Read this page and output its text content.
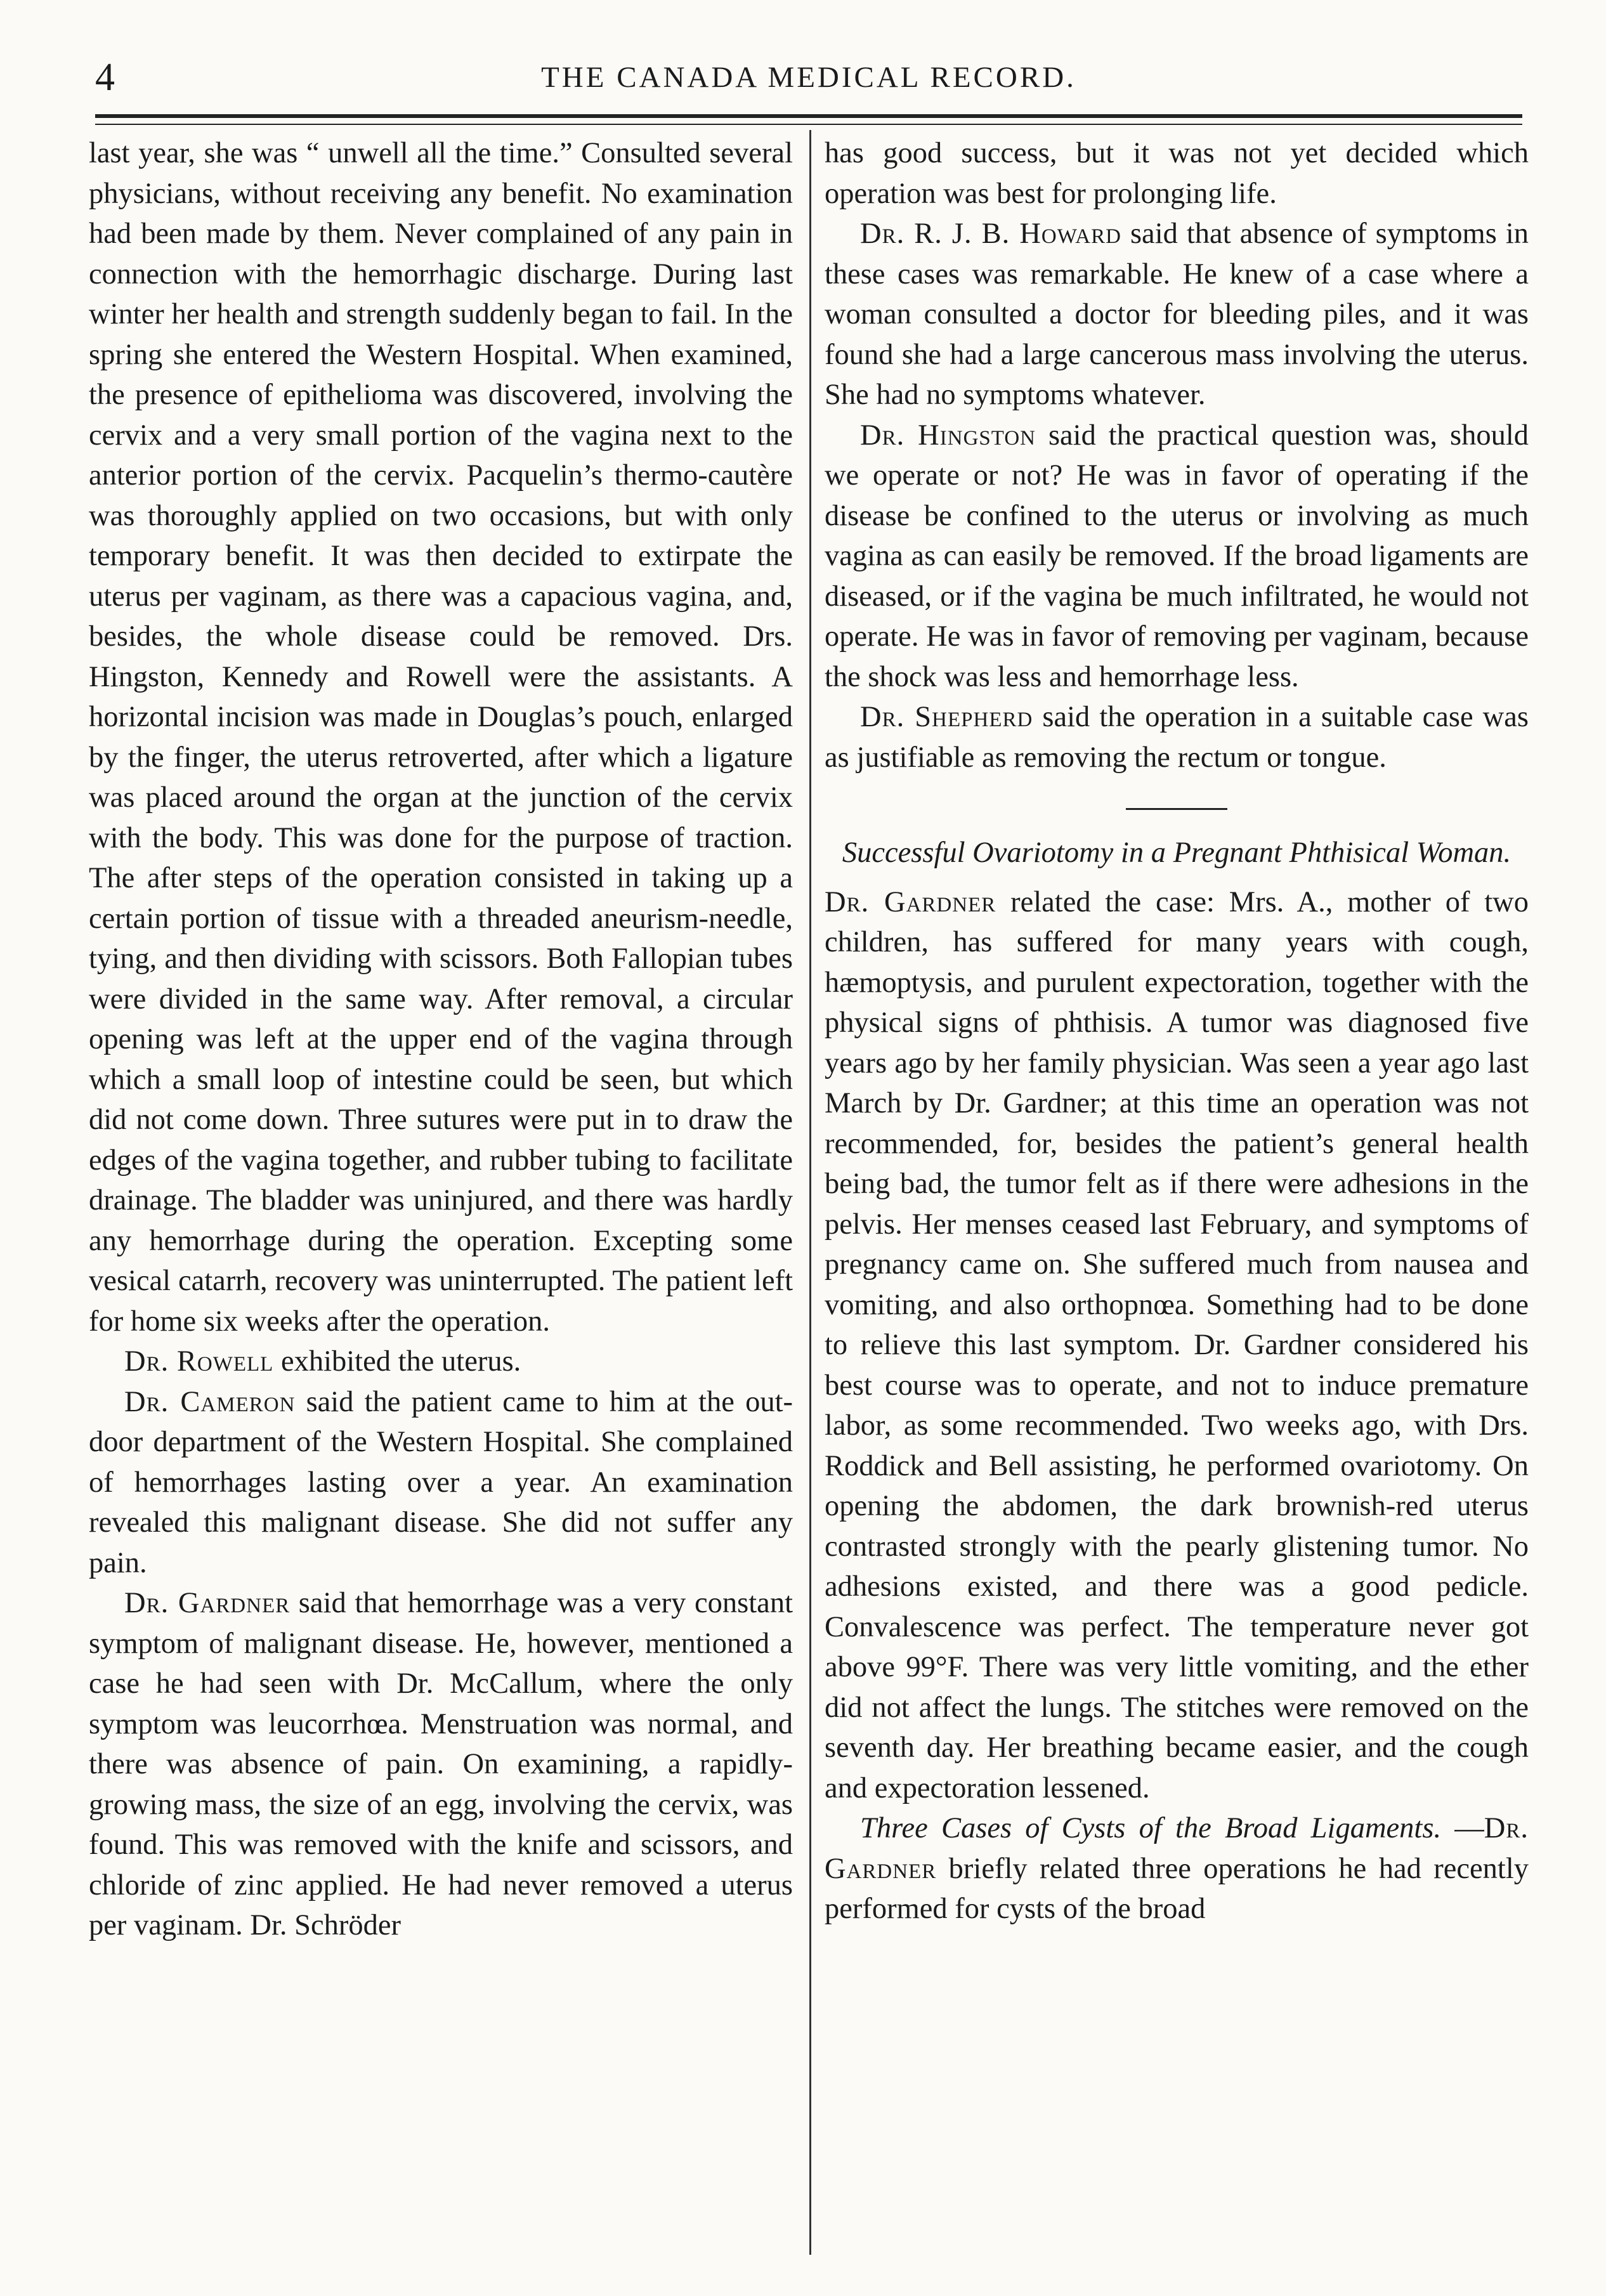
4	THE CANADA MEDICAL RECORD.

last year, she was “ unwell all the time.” Consulted several physicians, without receiving any benefit. No examination had been made by them. Never complained of any pain in connection with the hemorrhagic discharge. During last winter her health and strength suddenly began to fail. In the spring she entered the Western Hospital. When examined, the presence of epithelioma was discovered, involving the cervix and a very small portion of the vagina next to the anterior portion of the cervix. Pacquelin’s thermo-cautère was thoroughly applied on two occasions, but with only temporary benefit. It was then decided to extirpate the uterus per vaginam, as there was a capacious vagina, and, besides, the whole disease could be removed. Drs. Hingston, Kennedy and Rowell were the assistants. A horizontal incision was made in Douglas’s pouch, enlarged by the finger, the uterus retroverted, after which a ligature was placed around the organ at the junction of the cervix with the body. This was done for the purpose of traction. The after steps of the operation consisted in taking up a certain portion of tissue with a threaded aneurism-needle, tying, and then dividing with scissors. Both Fallopian tubes were divided in the same way. After removal, a circular opening was left at the upper end of the vagina through which a small loop of intestine could be seen, but which did not come down. Three sutures were put in to draw the edges of the vagina together, and rubber tubing to facilitate drainage. The bladder was uninjured, and there was hardly any hemorrhage during the operation. Excepting some vesical catarrh, recovery was uninterrupted. The patient left for home six weeks after the operation.

Dr. Rowell exhibited the uterus.

Dr. Cameron said the patient came to him at the out-door department of the Western Hospital. She complained of hemorrhages lasting over a year. An examination revealed this malignant disease. She did not suffer any pain.

Dr. Gardner said that hemorrhage was a very constant symptom of malignant disease. He, however, mentioned a case he had seen with Dr. McCallum, where the only symptom was leucorrhœa. Menstruation was normal, and there was absence of pain. On examining, a rapidly-growing mass, the size of an egg, involving the cervix, was found. This was removed with the knife and scissors, and chloride of zinc applied. He had never removed a uterus per vaginam. Dr. Schröder

has good success, but it was not yet decided which operation was best for prolonging life.

Dr. R. J. B. Howard said that absence of symptoms in these cases was remarkable. He knew of a case where a woman consulted a doctor for bleeding piles, and it was found she had a large cancerous mass involving the uterus. She had no symptoms whatever.

Dr. Hingston said the practical question was, should we operate or not? He was in favor of operating if the disease be confined to the uterus or involving as much vagina as can easily be removed. If the broad ligaments are diseased, or if the vagina be much infiltrated, he would not operate. He was in favor of removing per vaginam, because the shock was less and hemorrhage less.

Dr. Shepherd said the operation in a suitable case was as justifiable as removing the rectum or tongue.

Successful Ovariotomy in a Pregnant Phthisical Woman.

Dr. Gardner related the case: Mrs. A., mother of two children, has suffered for many years with cough, hæmoptysis, and purulent expectoration, together with the physical signs of phthisis. A tumor was diagnosed five years ago by her family physician. Was seen a year ago last March by Dr. Gardner; at this time an operation was not recommended, for, besides the patient’s general health being bad, the tumor felt as if there were adhesions in the pelvis. Her menses ceased last February, and symptoms of pregnancy came on. She suffered much from nausea and vomiting, and also orthopnœa. Something had to be done to relieve this last symptom. Dr. Gardner considered his best course was to operate, and not to induce premature labor, as some recommended. Two weeks ago, with Drs. Roddick and Bell assisting, he performed ovariotomy. On opening the abdomen, the dark brownish-red uterus contrasted strongly with the pearly glistening tumor. No adhesions existed, and there was a good pedicle. Convalescence was perfect. The temperature never got above 99°F. There was very little vomiting, and the ether did not affect the lungs. The stitches were removed on the seventh day. Her breathing became easier, and the cough and expectoration lessened.

Three Cases of Cysts of the Broad Ligaments. —Dr. Gardner briefly related three operations he had recently performed for cysts of the broad
